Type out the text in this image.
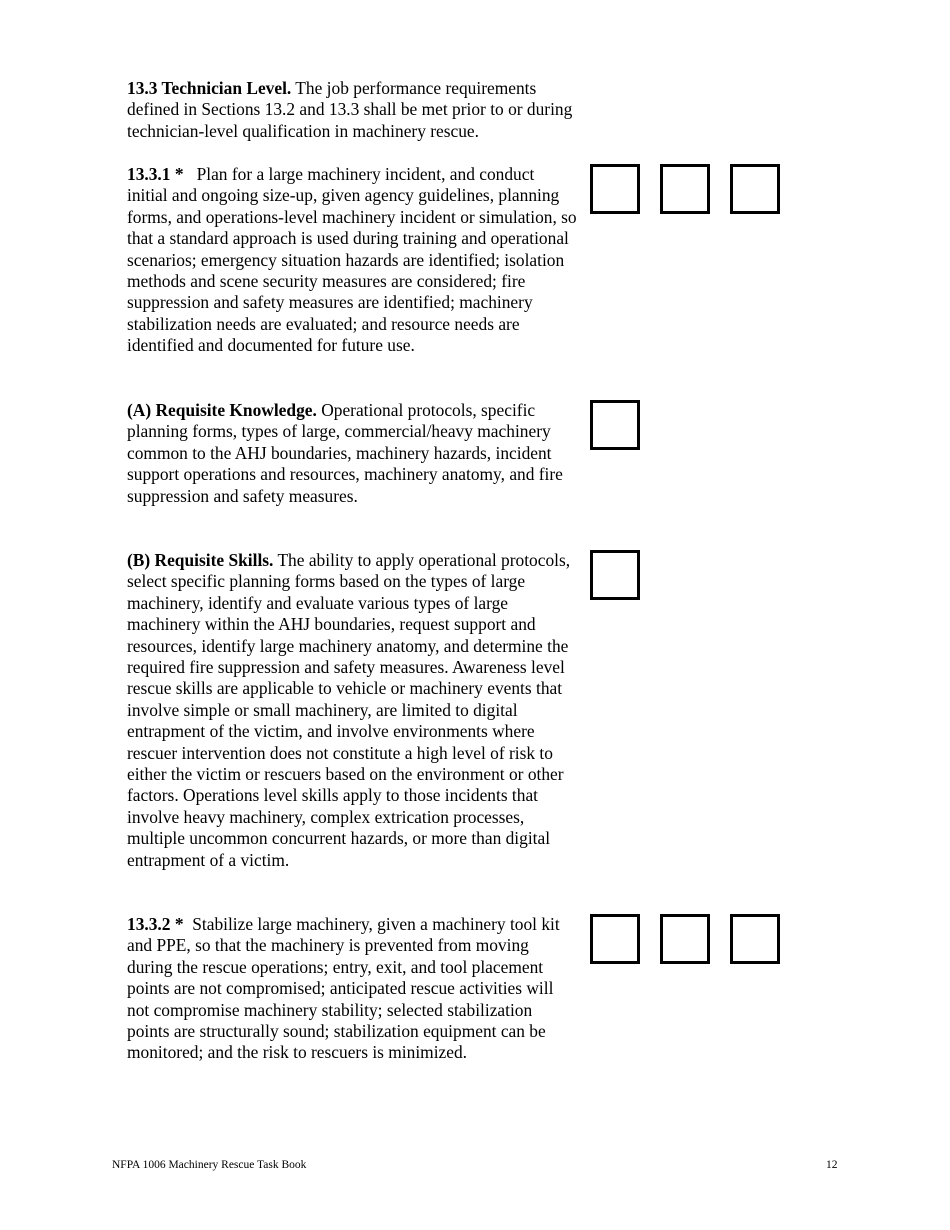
13.3 Technician Level. The job performance requirements defined in Sections 13.2 and 13.3 shall be met prior to or during technician-level qualification in machinery rescue.

13.3.1 *   Plan for a large machinery incident, and conduct initial and ongoing size-up, given agency guidelines, planning forms, and operations-level machinery incident or simulation, so that a standard approach is used during training and operational scenarios; emergency situation hazards are identified; isolation methods and scene security measures are considered; fire suppression and safety measures are identified; machinery stabilization needs are evaluated; and resource needs are identified and documented for future use.

(A) Requisite Knowledge. Operational protocols, specific planning forms, types of large, commercial/heavy machinery common to the AHJ boundaries, machinery hazards, incident support operations and resources, machinery anatomy, and fire suppression and safety measures.

(B) Requisite Skills. The ability to apply operational protocols, select specific planning forms based on the types of large machinery, identify and evaluate various types of large machinery within the AHJ boundaries, request support and resources, identify large machinery anatomy, and determine the required fire suppression and safety measures. Awareness level rescue skills are applicable to vehicle or machinery events that involve simple or small machinery, are limited to digital entrapment of the victim, and involve environments where rescuer intervention does not constitute a high level of risk to either the victim or rescuers based on the environment or other factors. Operations level skills apply to those incidents that involve heavy machinery, complex extrication processes, multiple uncommon concurrent hazards, or more than digital entrapment of a victim.

13.3.2 *  Stabilize large machinery, given a machinery tool kit and PPE, so that the machinery is prevented from moving during the rescue operations; entry, exit, and tool placement points are not compromised; anticipated rescue activities will not compromise machinery stability; selected stabilization points are structurally sound; stabilization equipment can be monitored; and the risk to rescuers is minimized.

NFPA 1006 Machinery Rescue Task Book	12
